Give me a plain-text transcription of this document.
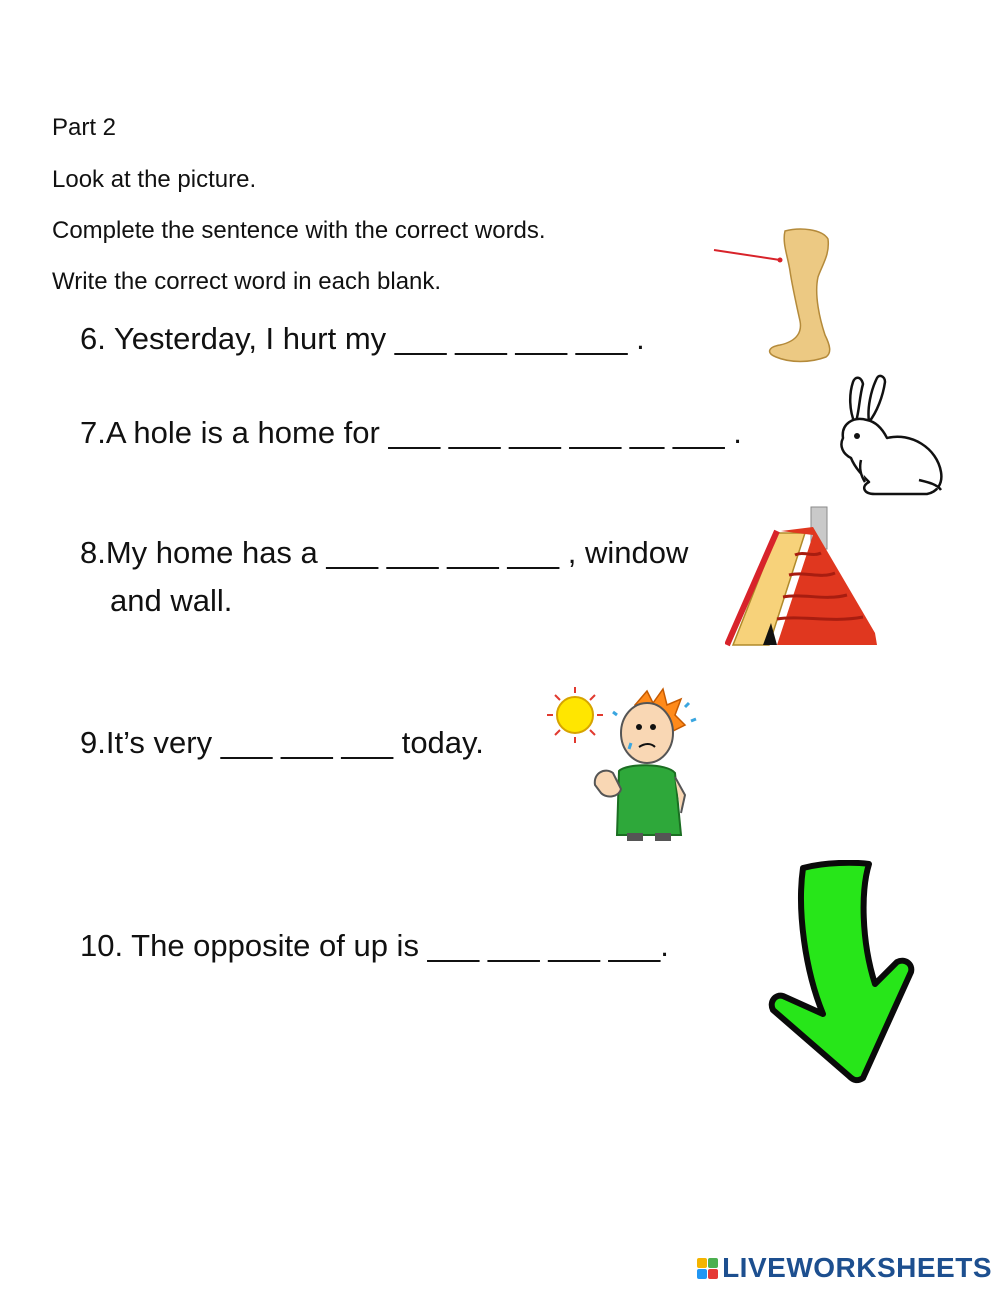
Part 2
Look at the picture.
Complete the sentence with the correct words.
Write the correct word in each blank.
6. Yesterday, I hurt my ___ ___ ___ ___ .
7.A hole is a home for ___ ___ ___ ___ __ ___ .
8.My home has a ___ ___ ___ ___ , window
and wall.
9.It’s very ___ ___ ___ today.
10. The opposite of up is ___ ___ ___ ___.
LIVEWORKSHEETS
